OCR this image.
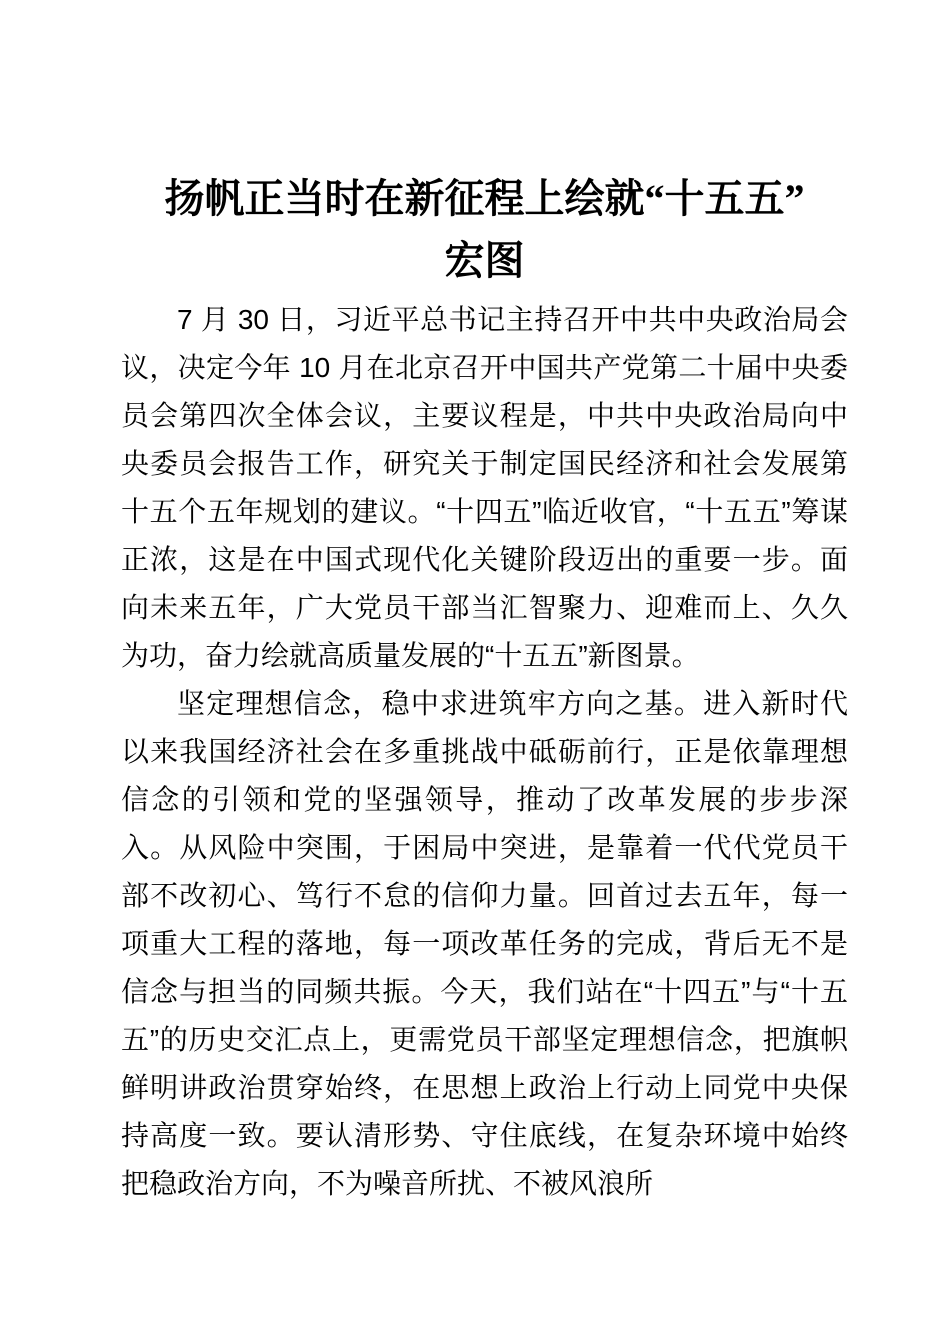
扬帆正当时在新征程上绘就“十五五”
宏图

7 月 30 日，习近平总书记主持召开中共中央政治局会议，决定今年 10 月在北京召开中国共产党第二十届中央委员会第四次全体会议，主要议程是，中共中央政治局向中央委员会报告工作，研究关于制定国民经济和社会发展第十五个五年规划的建议。“十四五”临近收官，“十五五”筹谋正浓，这是在中国式现代化关键阶段迈出的重要一步。面向未来五年，广大党员干部当汇智聚力、迎难而上、久久为功，奋力绘就高质量发展的“十五五”新图景。

坚定理想信念，稳中求进筑牢方向之基。进入新时代以来我国经济社会在多重挑战中砥砺前行，正是依靠理想信念的引领和党的坚强领导，推动了改革发展的步步深入。从风险中突围，于困局中突进，是靠着一代代党员干部不改初心、笃行不怠的信仰力量。回首过去五年，每一项重大工程的落地，每一项改革任务的完成，背后无不是信念与担当的同频共振。今天，我们站在“十四五”与“十五五”的历史交汇点上，更需党员干部坚定理想信念，把旗帜鲜明讲政治贯穿始终，在思想上政治上行动上同党中央保持高度一致。要认清形势、守住底线，在复杂环境中始终把稳政治方向，不为噪音所扰、不被风浪所
